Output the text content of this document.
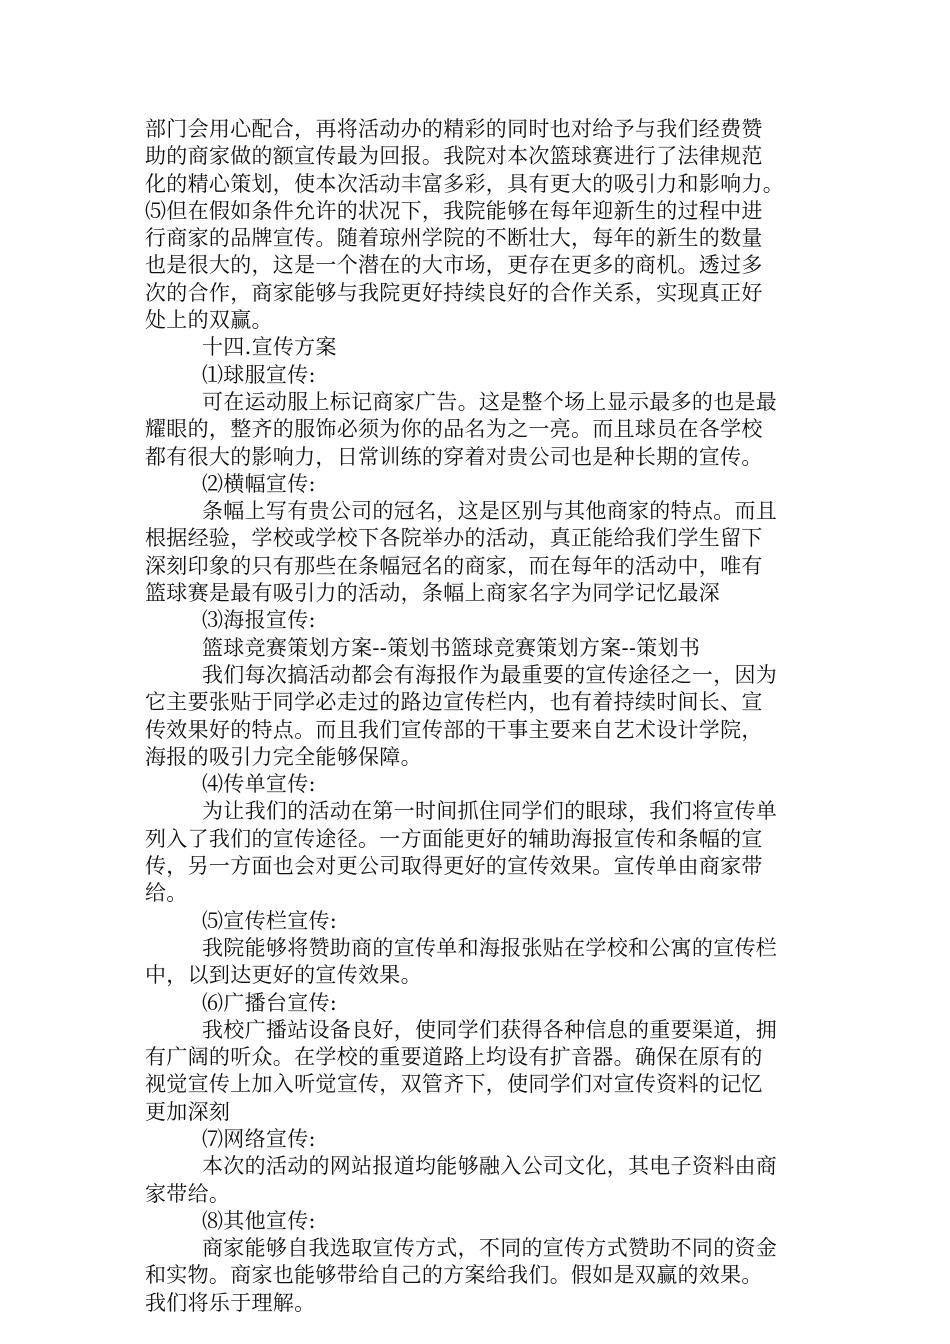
部门会用心配合，再将活动办的精彩的同时也对给予与我们经费赞
助的商家做的额宣传最为回报。我院对本次篮球赛进行了法律规范
化的精心策划，使本次活动丰富多彩，具有更大的吸引力和影响力。
⑸但在假如条件允许的状况下，我院能够在每年迎新生的过程中进
行商家的品牌宣传。随着琼州学院的不断壮大，每年的新生的数量
也是很大的，这是一个潜在的大市场，更存在更多的商机。透过多
次的合作，商家能够与我院更好持续良好的合作关系，实现真正好
处上的双赢。
十四.宣传方案
⑴球服宣传:
可在运动服上标记商家广告。这是整个场上显示最多的也是最
耀眼的，整齐的服饰必须为你的品名为之一亮。而且球员在各学校
都有很大的影响力，日常训练的穿着对贵公司也是种长期的宣传。
⑵横幅宣传:
条幅上写有贵公司的冠名，这是区别与其他商家的特点。而且
根据经验，学校或学校下各院举办的活动，真正能给我们学生留下
深刻印象的只有那些在条幅冠名的商家，而在每年的活动中，唯有
篮球赛是最有吸引力的活动，条幅上商家名字为同学记忆最深
⑶海报宣传:
篮球竞赛策划方案--策划书篮球竞赛策划方案--策划书
我们每次搞活动都会有海报作为最重要的宣传途径之一，因为
它主要张贴于同学必走过的路边宣传栏内，也有着持续时间长、宣
传效果好的特点。而且我们宣传部的干事主要来自艺术设计学院，
海报的吸引力完全能够保障。
⑷传单宣传:
为让我们的活动在第一时间抓住同学们的眼球，我们将宣传单
列入了我们的宣传途径。一方面能更好的辅助海报宣传和条幅的宣
传，另一方面也会对更公司取得更好的宣传效果。宣传单由商家带
给。
⑸宣传栏宣传:
我院能够将赞助商的宣传单和海报张贴在学校和公寓的宣传栏
中，以到达更好的宣传效果。
⑹广播台宣传:
我校广播站设备良好，使同学们获得各种信息的重要渠道，拥
有广阔的听众。在学校的重要道路上均设有扩音器。确保在原有的
视觉宣传上加入听觉宣传，双管齐下，使同学们对宣传资料的记忆
更加深刻
⑺网络宣传:
本次的活动的网站报道均能够融入公司文化，其电子资料由商
家带给。
⑻其他宣传:
商家能够自我选取宣传方式，不同的宣传方式赞助不同的资金
和实物。商家也能够带给自己的方案给我们。假如是双赢的效果。
我们将乐于理解。
